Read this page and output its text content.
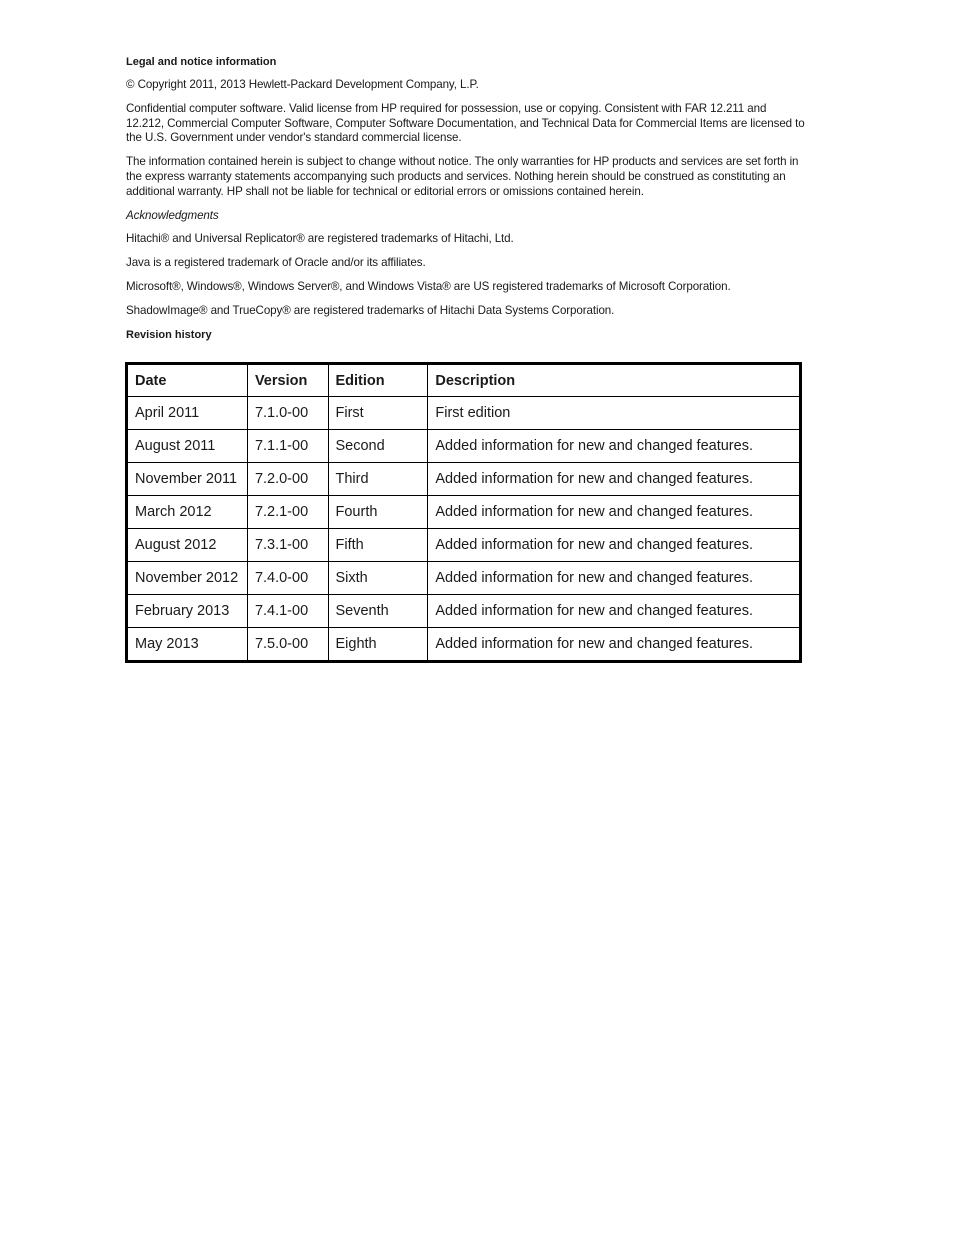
Legal and notice information

© Copyright 2011, 2013 Hewlett-Packard Development Company, L.P.

Confidential computer software. Valid license from HP required for possession, use or copying. Consistent with FAR 12.211 and 12.212, Commercial Computer Software, Computer Software Documentation, and Technical Data for Commercial Items are licensed to the U.S. Government under vendor's standard commercial license.

The information contained herein is subject to change without notice. The only warranties for HP products and services are set forth in the express warranty statements accompanying such products and services. Nothing herein should be construed as constituting an additional warranty. HP shall not be liable for technical or editorial errors or omissions contained herein.

Acknowledgments

Hitachi® and Universal Replicator® are registered trademarks of Hitachi, Ltd.

Java is a registered trademark of Oracle and/or its affiliates.

Microsoft®, Windows®, Windows Server®, and Windows Vista® are US registered trademarks of Microsoft Corporation.

ShadowImage® and TrueCopy® are registered trademarks of Hitachi Data Systems Corporation.

Revision history

Date	Version	Edition	Description
April 2011	7.1.0-00	First	First edition
August 2011	7.1.1-00	Second	Added information for new and changed features.
November 2011	7.2.0-00	Third	Added information for new and changed features.
March 2012	7.2.1-00	Fourth	Added information for new and changed features.
August 2012	7.3.1-00	Fifth	Added information for new and changed features.
November 2012	7.4.0-00	Sixth	Added information for new and changed features.
February 2013	7.4.1-00	Seventh	Added information for new and changed features.
May 2013	7.5.0-00	Eighth	Added information for new and changed features.
